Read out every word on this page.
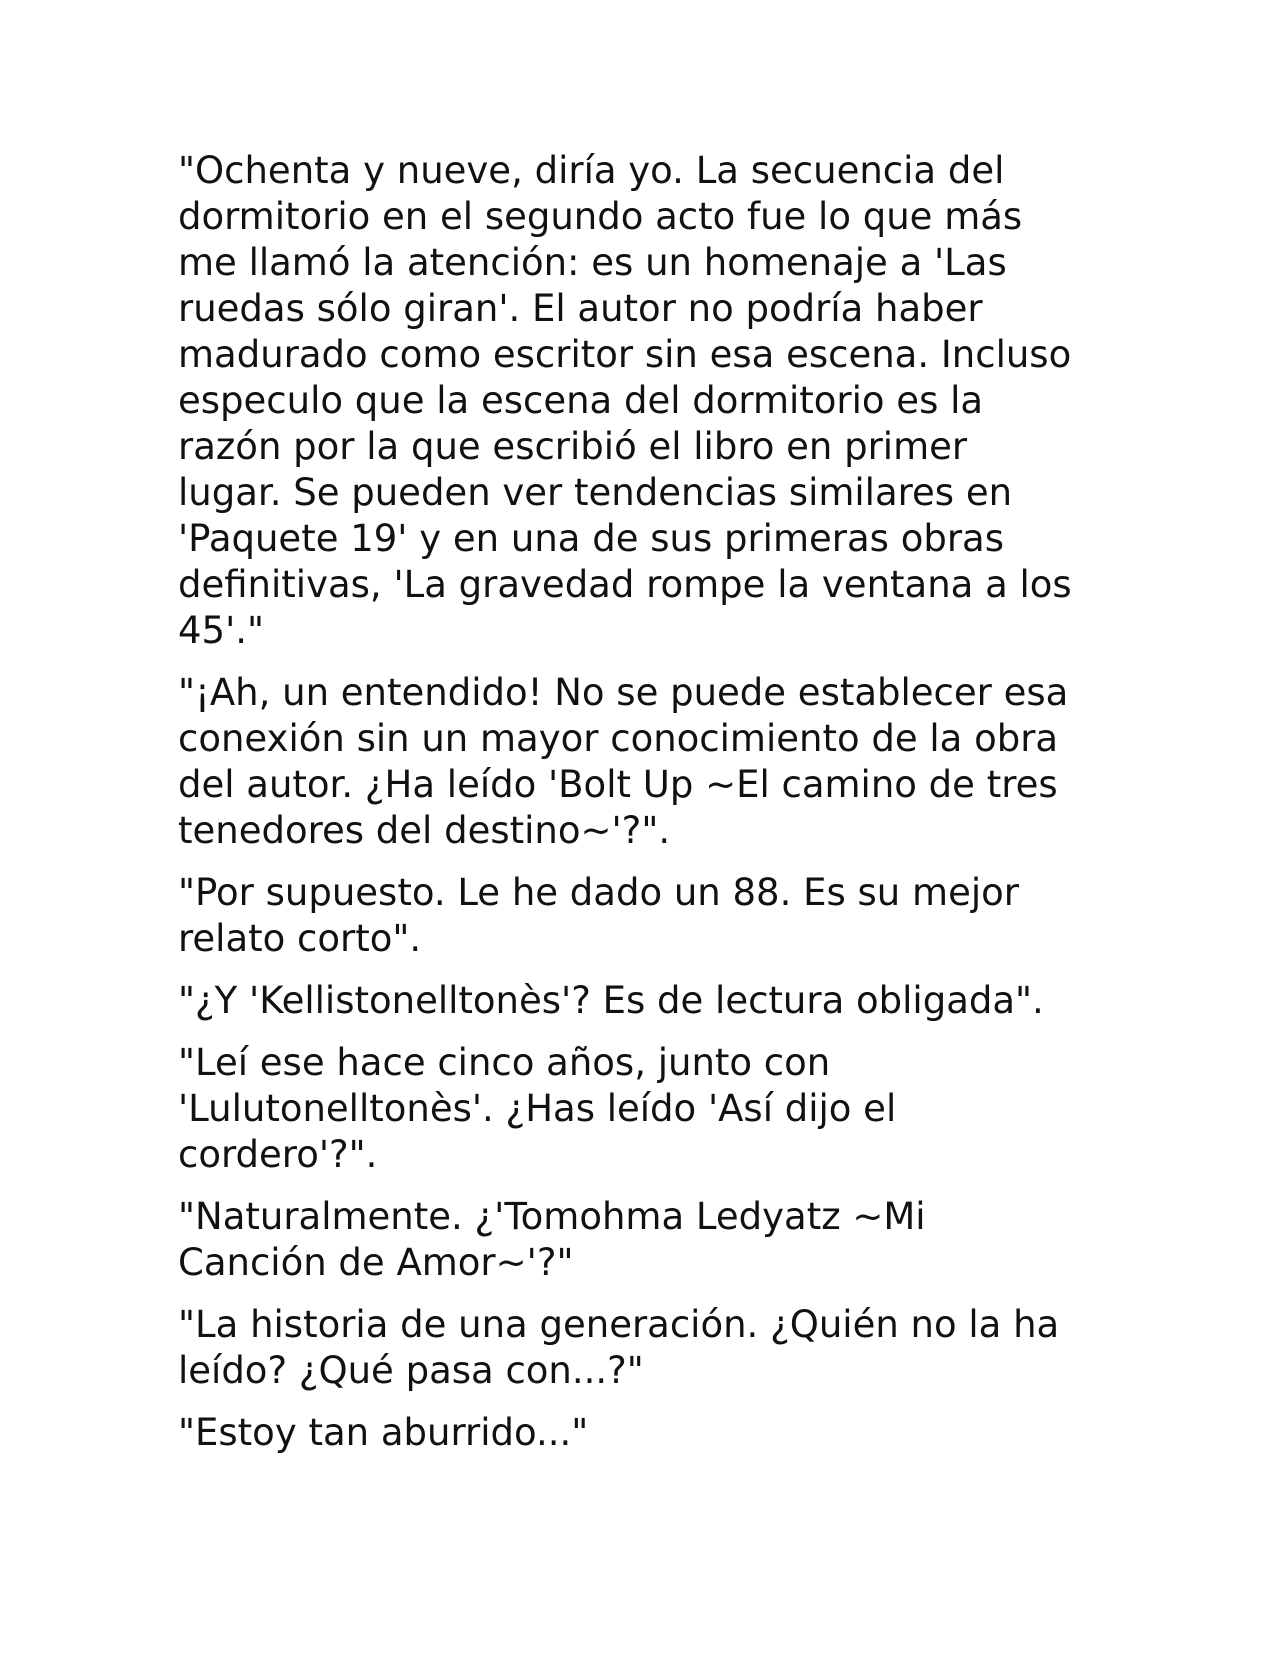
"Ochenta y nueve, diría yo. La secuencia del
dormitorio en el segundo acto fue lo que más
me llamó la atención: es un homenaje a 'Las
ruedas sólo giran'. El autor no podría haber
madurado como escritor sin esa escena. Incluso
especulo que la escena del dormitorio es la
razón por la que escribió el libro en primer
lugar. Se pueden ver tendencias similares en
'Paquete 19' y en una de sus primeras obras
definitivas, 'La gravedad rompe la ventana a los
45'."

"¡Ah, un entendido! No se puede establecer esa
conexión sin un mayor conocimiento de la obra
del autor. ¿Ha leído 'Bolt Up ~El camino de tres
tenedores del destino~'?".

"Por supuesto. Le he dado un 88. Es su mejor
relato corto".

"¿Y 'Kellistonelltonès'? Es de lectura obligada".

"Leí ese hace cinco años, junto con
'Lulutonelltonès'. ¿Has leído 'Así dijo el
cordero'?".

"Naturalmente. ¿'Tomohma Ledyatz ~Mi
Canción de Amor~'?"

"La historia de una generación. ¿Quién no la ha
leído? ¿Qué pasa con...?"

"Estoy tan aburrido..."
